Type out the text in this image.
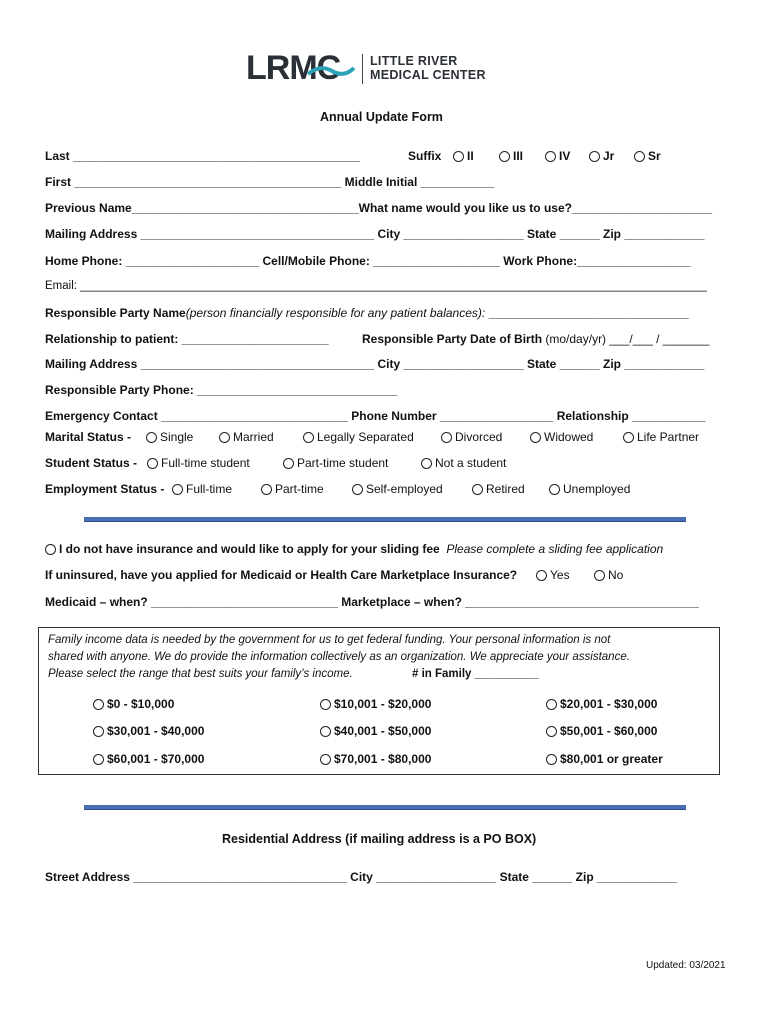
LRMC LITTLE RIVER
MEDICAL CENTER
Annual Update Form
Last ___________________________________________	Suffix	II	III	IV	Jr	Sr
First ________________________________________ Middle Initial ___________
Previous Name__________________________________What name would you like us to use?_____________________
Mailing Address ___________________________________ City __________________ State ______ Zip ____________
Home Phone: ____________________ Cell/Mobile Phone: ___________________ Work Phone:_________________
Email: __________________________________________________________________________________________________
Responsible Party Name(person financially responsible for any patient balances): ______________________________
Relationship to patient: ______________________	Responsible Party Date of Birth (mo/day/yr) ___/___ / _______
Mailing Address ___________________________________ City __________________ State ______ Zip ____________
Responsible Party Phone: ______________________________
Emergency Contact ____________________________ Phone Number _________________ Relationship ___________
Marital Status -	Single	Married	Legally Separated	Divorced	Widowed	Life Partner
Student Status -	Full-time student	Part-time student	Not a student
Employment Status -	Full-time	Part-time	Self-employed	Retired	Unemployed
I do not have insurance and would like to apply for your sliding fee Please complete a sliding fee application
If uninsured, have you applied for Medicaid or Health Care Marketplace Insurance?	Yes	No
Medicaid – when? ____________________________ Marketplace – when? ___________________________________
Family income data is needed by the government for us to get federal funding. Your personal information is not
shared with anyone. We do provide the information collectively as an organization. We appreciate your assistance.
Please select the range that best suits your family’s income.	# in Family __________
$0 - $10,000	$10,001 - $20,000	$20,001 - $30,000
$30,001 - $40,000	$40,001 - $50,000	$50,001 - $60,000
$60,001 - $70,000	$70,001 - $80,000	$80,001 or greater
Residential Address (if mailing address is a PO BOX)
Street Address ________________________________ City __________________ State ______ Zip ____________
Updated: 03/2021
